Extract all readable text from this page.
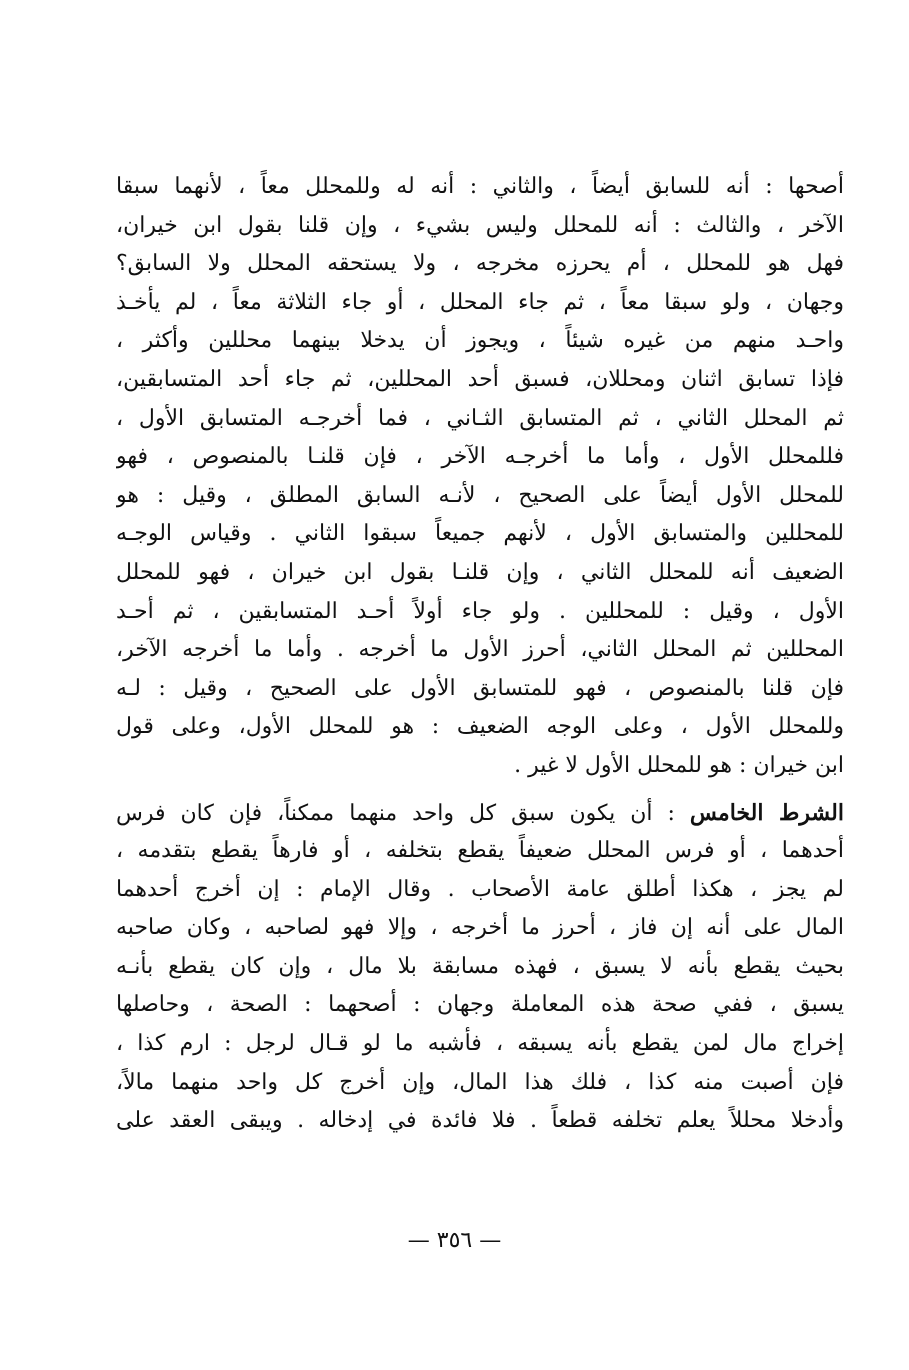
أصحها : أنه للسابق أيضاً ، والثاني : أنه له وللمحلل معاً ، لأنهما سبقا
الآخر ، والثالث : أنه للمحلل وليس بشيء ، وإن قلنا بقول ابن خيران،
فهل هو للمحلل ، أم يحرزه مخرجه ، ولا يستحقه المحلل ولا السابق؟
وجهان ، ولو سبقا معاً ، ثم جاء المحلل ، أو جاء الثلاثة معاً ، لم يأخـذ
واحـد منهم من غيره شيئاً ، ويجوز أن يدخلا بينهما محللين وأكثر ،
فإذا تسابق اثنان ومحللان، فسبق أحد المحللين، ثم جاء أحد المتسابقين،
ثم المحلل الثاني ، ثم المتسابق الثـاني ، فما أخرجـه المتسابق الأول ،
فللمحلل الأول ، وأما ما أخرجـه الآخر ، فإن قلنـا بالمنصوص ، فهو
للمحلل الأول أيضاً على الصحيح ، لأنـه السابق المطلق ، وقيل : هو
للمحللين والمتسابق الأول ، لأنهم جميعاً سبقوا الثاني . وقياس الوجـه
الضعيف أنه للمحلل الثاني ، وإن قلنـا بقول ابن خيران ، فهو للمحلل
الأول ، وقيل : للمحللين . ولو جاء أولاً أحـد المتسابقين ، ثم أحـد
المحللين ثم المحلل الثاني، أحرز الأول ما أخرجه . وأما ما أخرجه الآخر،
فإن قلنا بالمنصوص ، فهو للمتسابق الأول على الصحيح ، وقيل : لـه
وللمحلل الأول ، وعلى الوجه الضعيف : هو للمحلل الأول، وعلى قول
ابن خيران : هو للمحلل الأول لا غير .
الشرط الخامس : أن يكون سبق كل واحد منهما ممكناً، فإن كان فرس
أحدهما ، أو فرس المحلل ضعيفاً يقطع بتخلفه ، أو فارهاً يقطع بتقدمه ،
لم يجز ، هكذا أطلق عامة الأصحاب . وقال الإمام : إن أخرج أحدهما
المال على أنه إن فاز ، أحرز ما أخرجه ، وإلا فهو لصاحبه ، وكان صاحبه
بحيث يقطع بأنه لا يسبق ، فهذه مسابقة بلا مال ، وإن كان يقطع بأنـه
يسبق ، ففي صحة هذه المعاملة وجهان : أصحهما : الصحة ، وحاصلها
إخراج مال لمن يقطع بأنه يسبقه ، فأشبه ما لو قـال لرجل : ارم كذا ،
فإن أصبت منه كذا ، فلك هذا المال، وإن أخرج كل واحد منهما مالاً،
وأدخلا محللاً يعلم تخلفه قطعاً . فلا فائدة في إدخاله . ويبقى العقد على
— ٣٥٦ —
